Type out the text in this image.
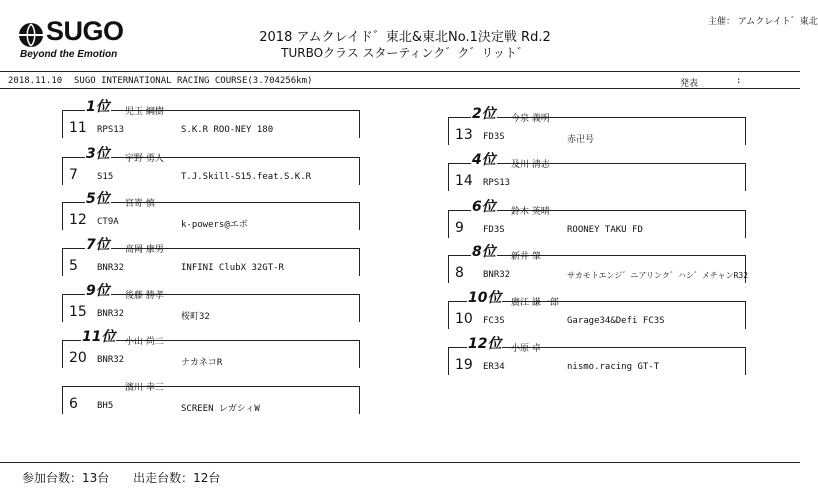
SUGO
Beyond the Emotion
2018 アムクレイド゛東北&東北No.1決定戦 Rd.2
TURBOクラス スターティンク゛ク゛リット゛
主催： アムクレイト゛東北
2018.11.10 SUGO INTERNATIONAL RACING COURSE(3.704256km)	発表	:
1位 児玉 綱樹
11 RPS13	S.K.R ROO-NEY 180
2位 今泉 義明
13 FD3S	赤卍号
3位 宇野 勇人
7 S15	T.J.Skill-S15.feat.S.K.R
4位 及川 清志
14 RPS13
5位 宮嵜 慎
12 CT9A	k-powers@エボ
6位 鈴木 英晴
9 FD3S	ROONEY TAKU FD
7位 高岡 康男
5 BNR32	INFINI ClubX 32GT-R
8位 新井 肇
8 BNR32	サカモトエンジ゛ニアリンク゛ハシ゛メチャンR32
9位 後藤 勝孝
15 BNR32	桜町32
10位 廣江 謙一郎
10 FC3S	Garage34&Defi FC3S
11位 小山 尚二
20 BNR32	ナカネコR
12位 小原 卓
19 ER34	nismo.racing GT-T
濱川 幸三
6 BH5	SCREEN レガシィW
参加台数：13台 出走台数：12台
